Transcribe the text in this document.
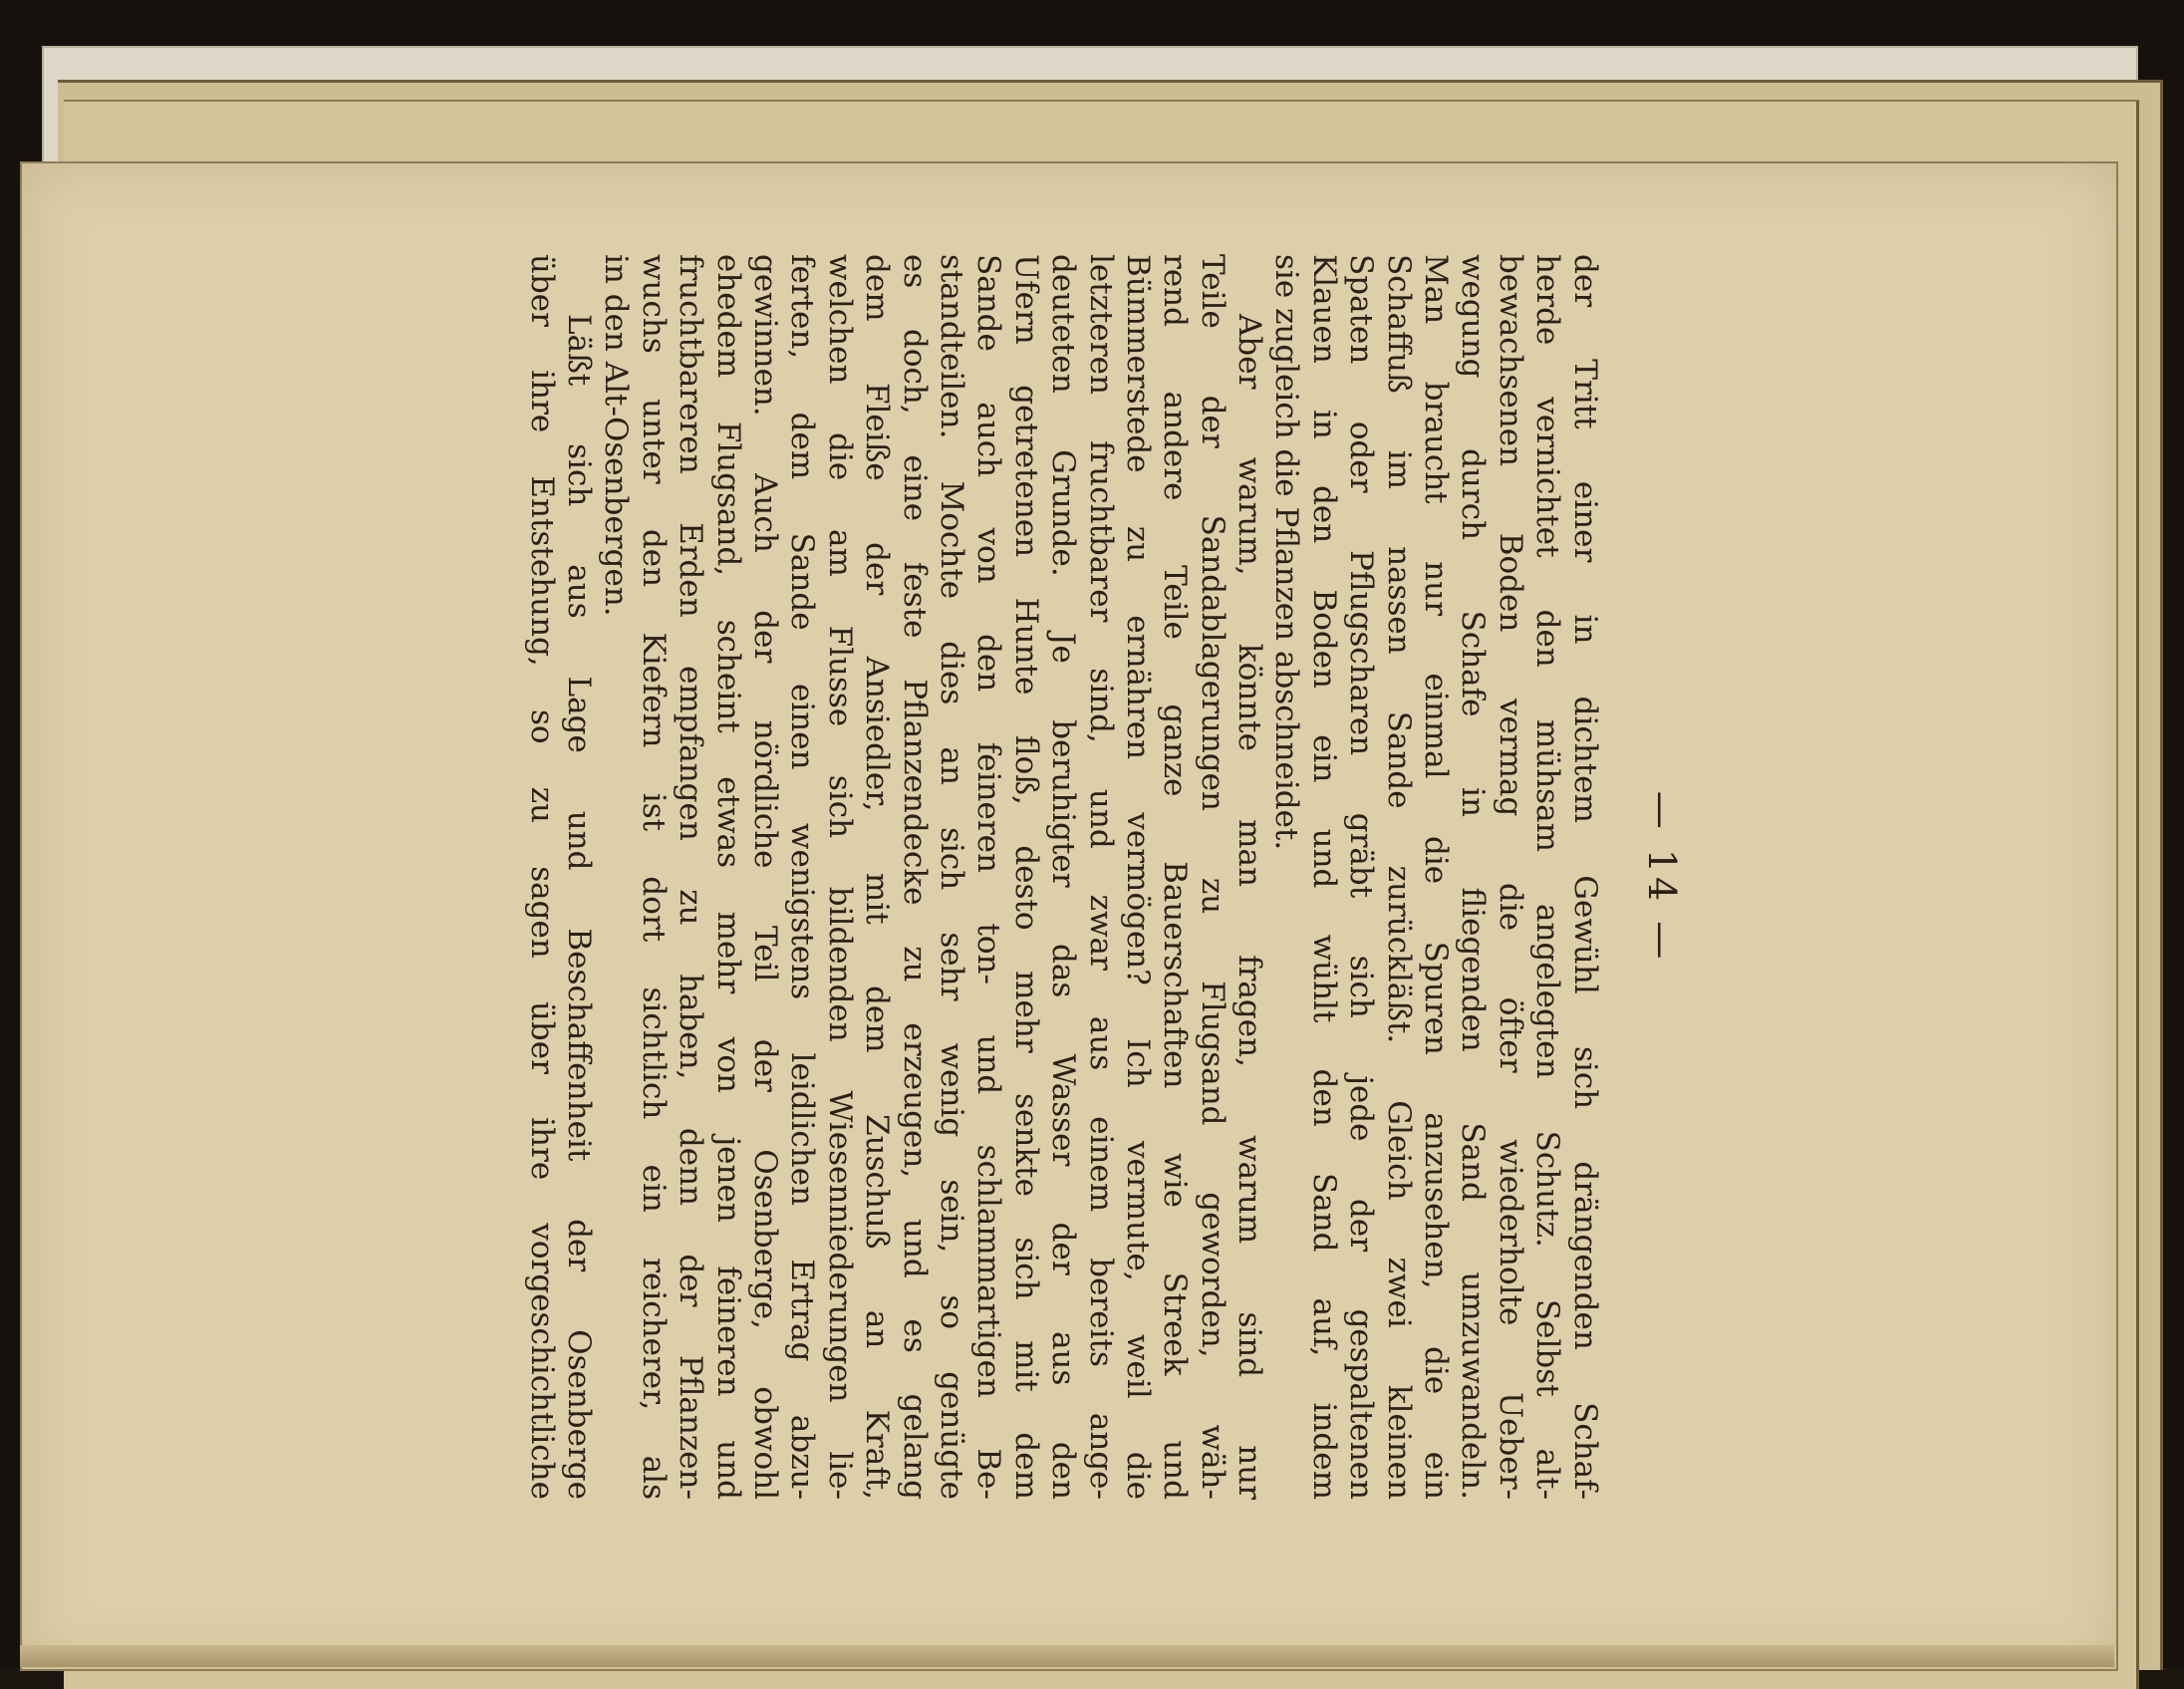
— 14 —
der Tritt einer in dichtem Gewühl sich drängenden Schaf-
herde vernichtet den mühsam angelegten Schutz. Selbst alt-
bewachsenen Boden vermag die öfter wiederholte Ueber-
wegung durch Schafe in fliegenden Sand umzuwandeln.
Man braucht nur einmal die Spuren anzusehen, die ein
Schaffuß im nassen Sande zurückläßt. Gleich zwei kleinen
Spaten oder Pflugscharen gräbt sich jede der gespaltenen
Klauen in den Boden ein und wühlt den Sand auf, indem
sie zugleich die Pflanzen abschneidet.
Aber warum, könnte man fragen, warum sind nur
Teile der Sandablagerungen zu Flugsand geworden, wäh-
rend andere Teile ganze Bauerschaften wie Streek und
Bümmerstede zu ernähren vermögen? Ich vermute, weil die
letzteren fruchtbarer sind, und zwar aus einem bereits ange-
deuteten Grunde. Je beruhigter das Wasser der aus den
Ufern getretenen Hunte floß, desto mehr senkte sich mit dem
Sande auch von den feineren ton- und schlammartigen Be-
standteilen. Mochte dies an sich sehr wenig sein, so genügte
es doch, eine feste Pflanzendecke zu erzeugen, und es gelang
dem Fleiße der Ansiedler, mit dem Zuschuß an Kraft,
welchen die am Flusse sich bildenden Wiesenniederungen lie-
ferten, dem Sande einen wenigstens leidlichen Ertrag abzu-
gewinnen. Auch der nördliche Teil der Osenberge, obwohl
ehedem Flugsand, scheint etwas mehr von jenen feineren und
fruchtbareren Erden empfangen zu haben, denn der Pflanzen-
wuchs unter den Kiefern ist dort sichtlich ein reicherer, als
in den Alt-Osenbergen.
Läßt sich aus Lage und Beschaffenheit der Osenberge
über ihre Entstehung, so zu sagen über ihre vorgeschichtliche
